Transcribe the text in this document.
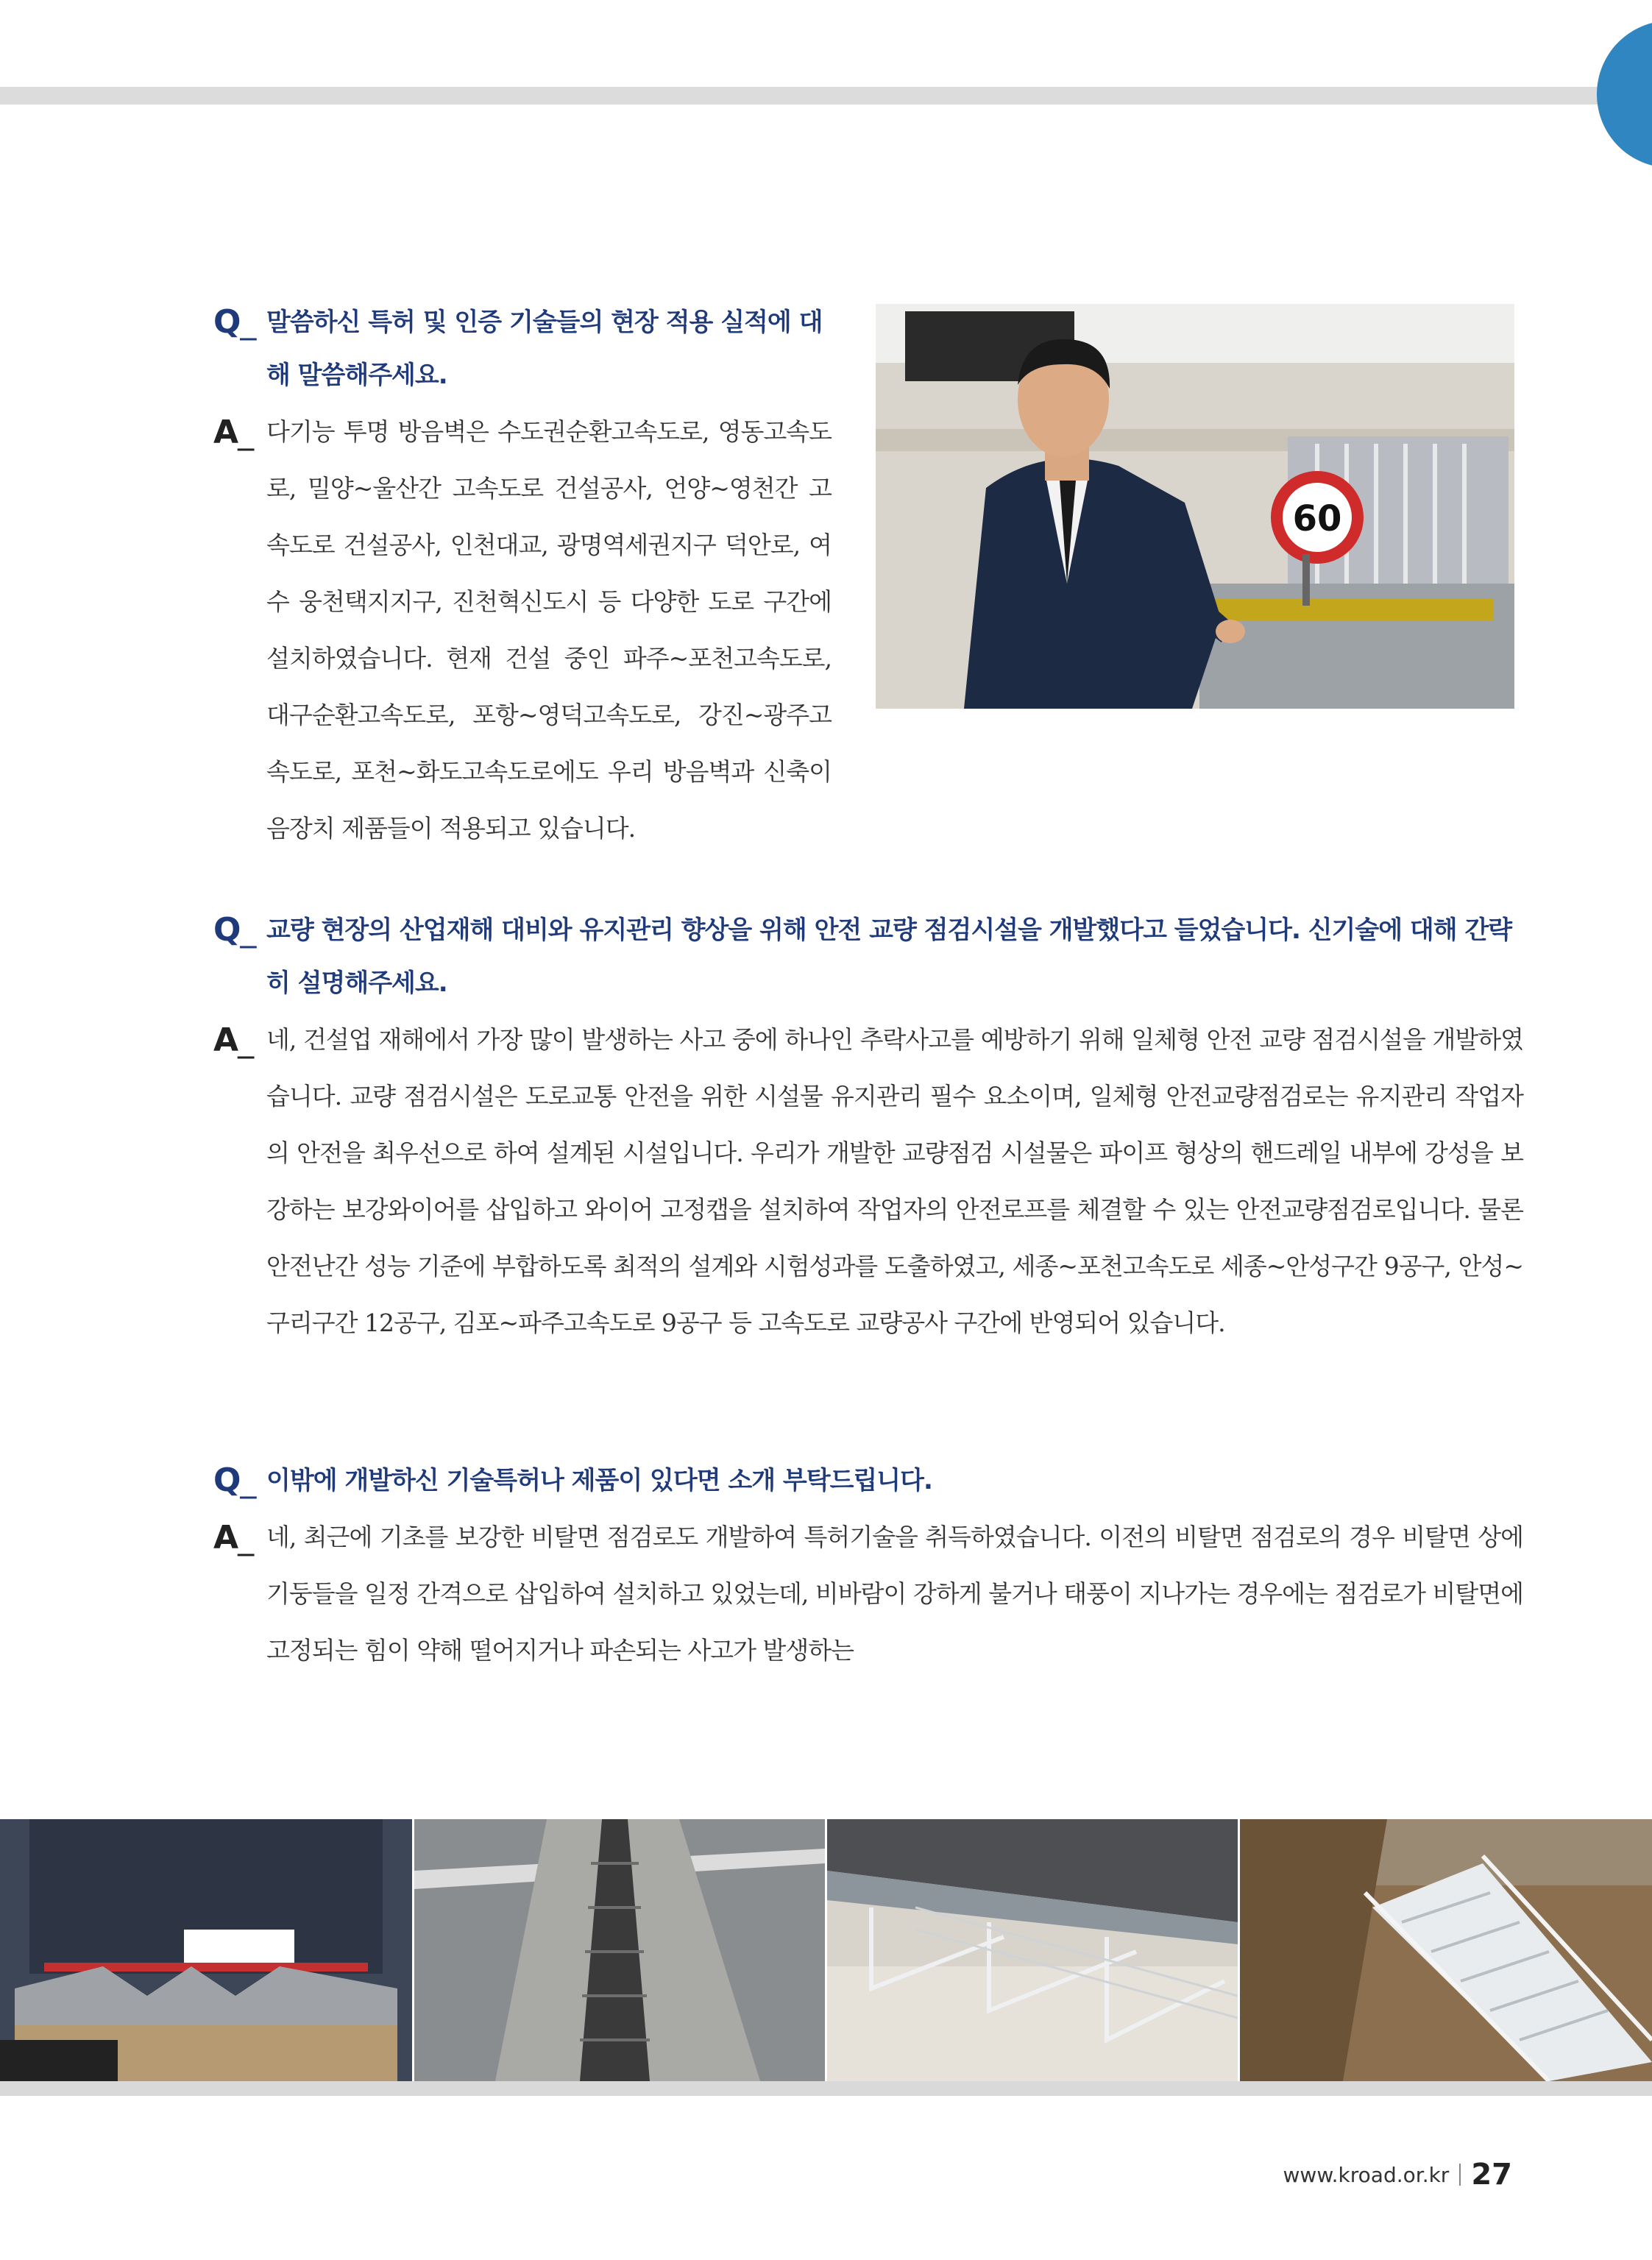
60
Q_ 말씀하신 특허 및 인증 기술들의 현장 적용 실적에 대해 말씀해주세요.
A_ 다기능 투명 방음벽은 수도권순환고속도로, 영동고속도로, 밀양~울산간 고속도로 건설공사, 언양~영천간 고속도로 건설공사, 인천대교, 광명역세권지구 덕안로, 여수 웅천택지지구, 진천혁신도시 등 다양한 도로 구간에 설치하였습니다. 현재 건설 중인 파주~포천고속도로, 대구순환고속도로, 포항~영덕고속도로, 강진~광주고속도로, 포천~화도고속도로에도 우리 방음벽과 신축이음장치 제품들이 적용되고 있습니다.
Q_ 교량 현장의 산업재해 대비와 유지관리 향상을 위해 안전 교량 점검시설을 개발했다고 들었습니다. 신기술에 대해 간략히 설명해주세요.
A_ 네, 건설업 재해에서 가장 많이 발생하는 사고 중에 하나인 추락사고를 예방하기 위해 일체형 안전 교량 점검시설을 개발하였습니다. 교량 점검시설은 도로교통 안전을 위한 시설물 유지관리 필수 요소이며, 일체형 안전교량점검로는 유지관리 작업자의 안전을 최우선으로 하여 설계된 시설입니다. 우리가 개발한 교량점검 시설물은 파이프 형상의 핸드레일 내부에 강성을 보강하는 보강와이어를 삽입하고 와이어 고정캡을 설치하여 작업자의 안전로프를 체결할 수 있는 안전교량점검로입니다. 물론 안전난간 성능 기준에 부합하도록 최적의 설계와 시험성과를 도출하였고, 세종~포천고속도로 세종~안성구간 9공구, 안성~구리구간 12공구, 김포~파주고속도로 9공구 등 고속도로 교량공사 구간에 반영되어 있습니다.
Q_ 이밖에 개발하신 기술특허나 제품이 있다면 소개 부탁드립니다.
A_ 네, 최근에 기초를 보강한 비탈면 점검로도 개발하여 특허기술을 취득하였습니다. 이전의 비탈면 점검로의 경우 비탈면 상에 기둥들을 일정 간격으로 삽입하여 설치하고 있었는데, 비바람이 강하게 불거나 태풍이 지나가는 경우에는 점검로가 비탈면에 고정되는 힘이 약해 떨어지거나 파손되는 사고가 발생하는
www.kroad.or.kr 27
